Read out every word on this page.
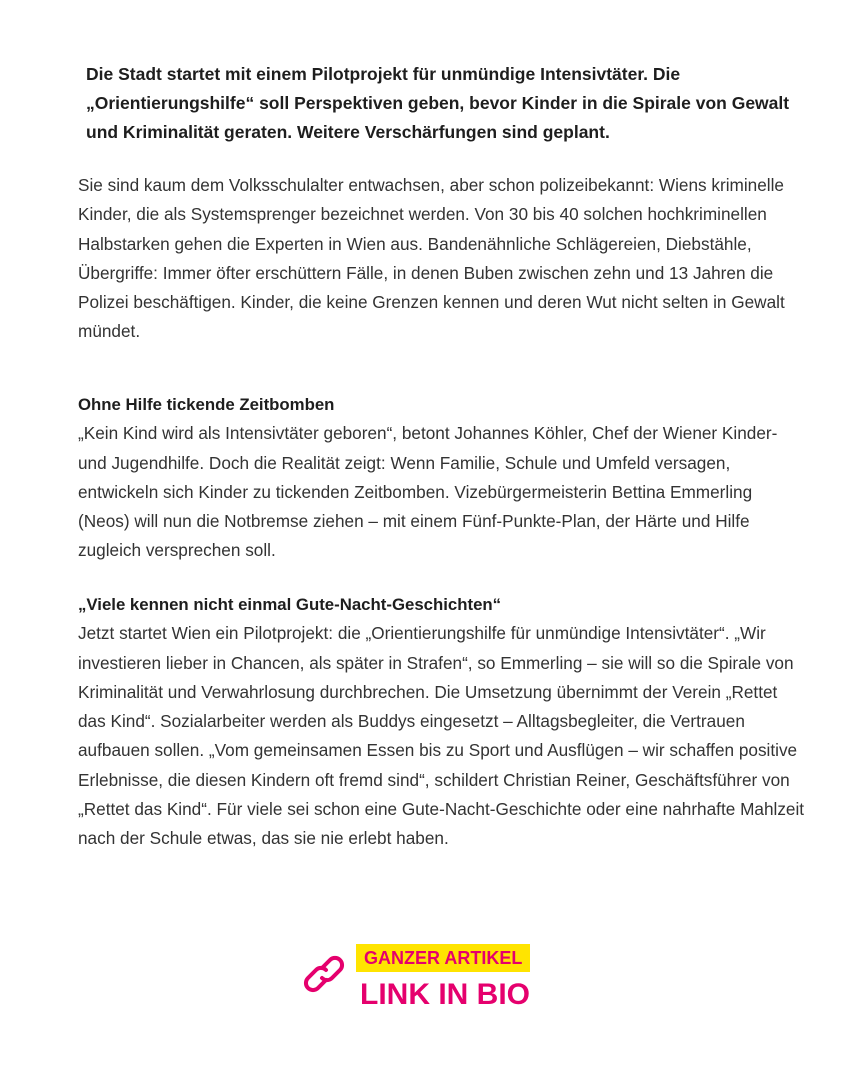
Die Stadt startet mit einem Pilotprojekt für unmündige Intensivtäter. Die „Orientierungshilfe“ soll Perspektiven geben, bevor Kinder in die Spirale von Gewalt und Kriminalität geraten. Weitere Verschärfungen sind geplant.

Sie sind kaum dem Volksschulalter entwachsen, aber schon polizeibekannt: Wiens kriminelle Kinder, die als Systemsprenger bezeichnet werden. Von 30 bis 40 solchen hochkriminellen Halbstarken gehen die Experten in Wien aus. Bandenähnliche Schlägereien, Diebstähle, Übergriffe: Immer öfter erschüttern Fälle, in denen Buben zwischen zehn und 13 Jahren die Polizei beschäftigen. Kinder, die keine Grenzen kennen und deren Wut nicht selten in Gewalt mündet.

Ohne Hilfe tickende Zeitbomben

„Kein Kind wird als Intensivtäter geboren“, betont Johannes Köhler, Chef der Wiener Kinder- und Jugendhilfe. Doch die Realität zeigt: Wenn Familie, Schule und Umfeld versagen, entwickeln sich Kinder zu tickenden Zeitbomben. Vizebürgermeisterin Bettina Emmerling (Neos) will nun die Notbremse ziehen – mit einem Fünf-Punkte-Plan, der Härte und Hilfe zugleich versprechen soll.

„Viele kennen nicht einmal Gute-Nacht-Geschichten“

Jetzt startet Wien ein Pilotprojekt: die „Orientierungshilfe für unmündige Intensivtäter“. „Wir investieren lieber in Chancen, als später in Strafen“, so Emmerling – sie will so die Spirale von Kriminalität und Verwahrlosung durchbrechen. Die Umsetzung übernimmt der Verein „Rettet das Kind“. Sozialarbeiter werden als Buddys eingesetzt – Alltagsbegleiter, die Vertrauen aufbauen sollen. „Vom gemeinsamen Essen bis zu Sport und Ausflügen – wir schaffen positive Erlebnisse, die diesen Kindern oft fremd sind“, schildert Christian Reiner, Geschäftsführer von „Rettet das Kind“. Für viele sei schon eine Gute-Nacht-Geschichte oder eine nahrhafte Mahlzeit nach der Schule etwas, das sie nie erlebt haben.

GANZER ARTIKEL
LINK IN BIO
